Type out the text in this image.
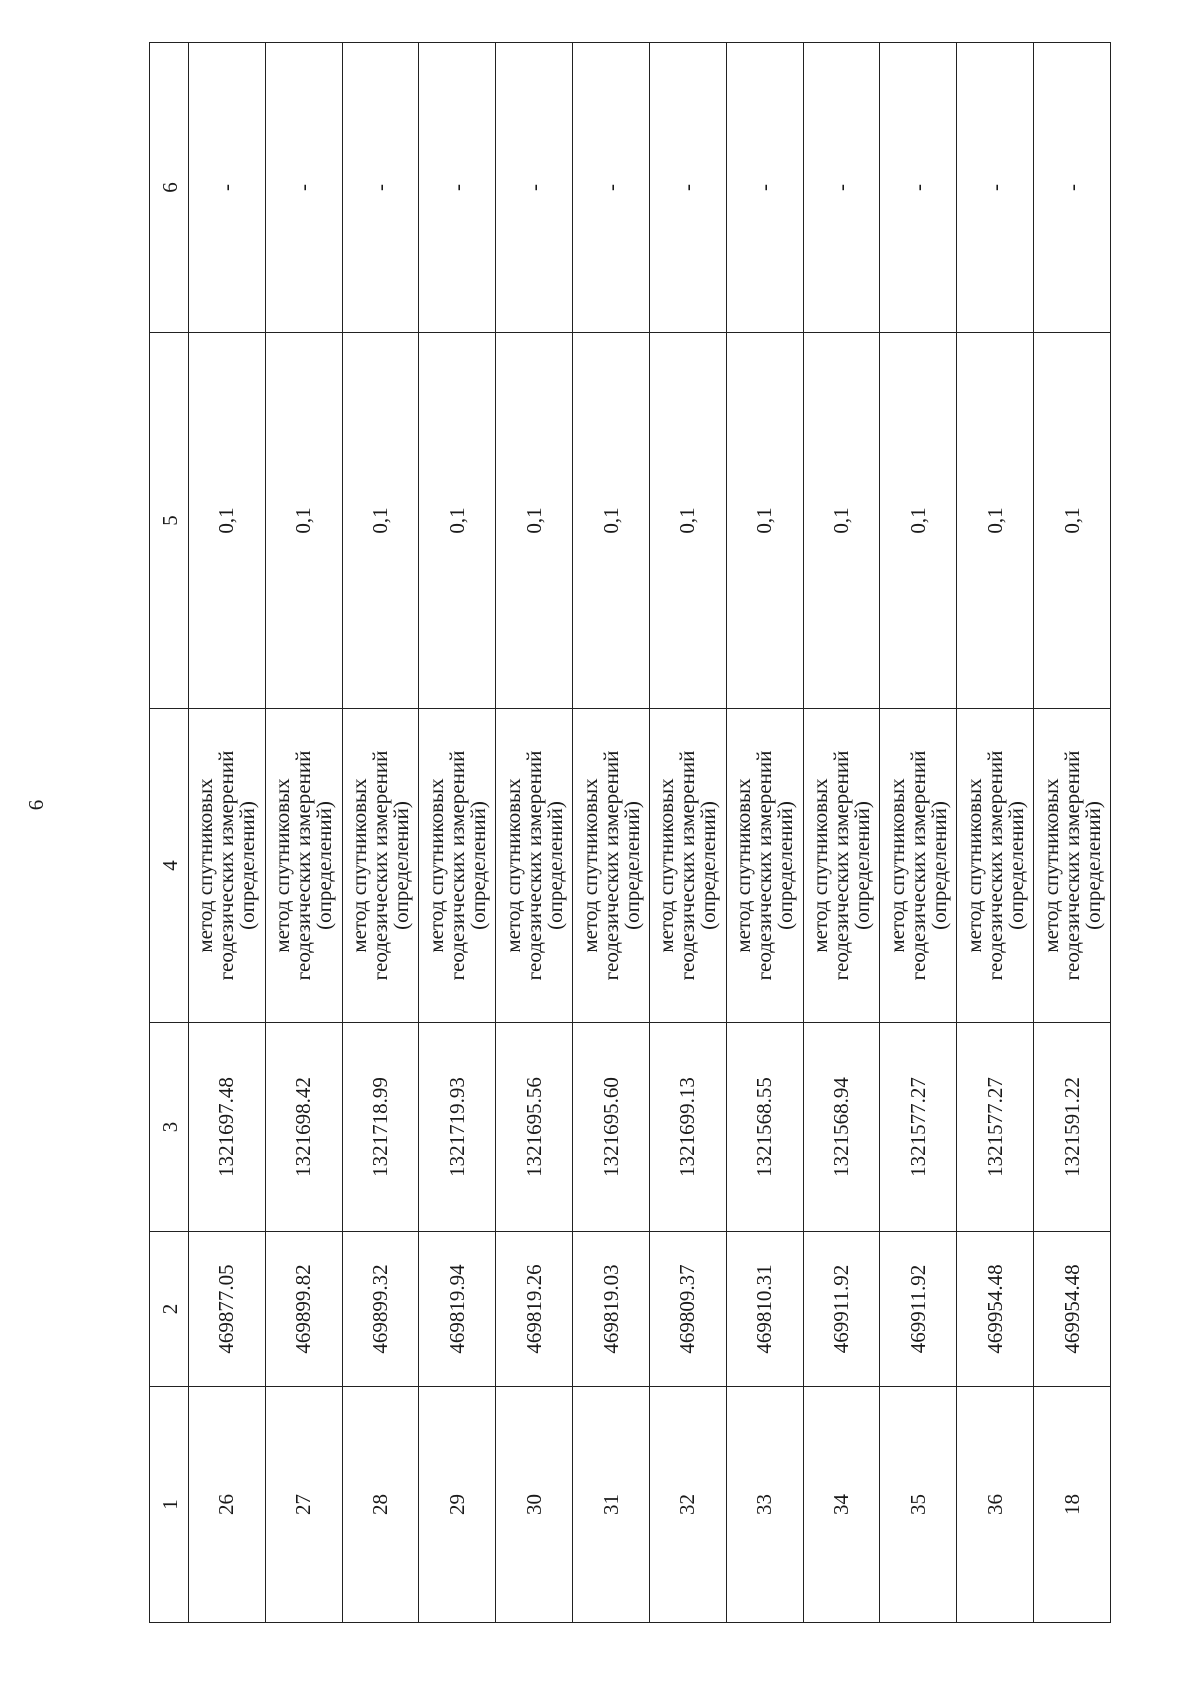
6
1	2	3	4	5	6
26	469877.05	1321697.48	метод спутниковых
геодезических измерений
(определений)	0,1	-
27	469899.82	1321698.42	метод спутниковых
геодезических измерений
(определений)	0,1	-
28	469899.32	1321718.99	метод спутниковых
геодезических измерений
(определений)	0,1	-
29	469819.94	1321719.93	метод спутниковых
геодезических измерений
(определений)	0,1	-
30	469819.26	1321695.56	метод спутниковых
геодезических измерений
(определений)	0,1	-
31	469819.03	1321695.60	метод спутниковых
геодезических измерений
(определений)	0,1	-
32	469809.37	1321699.13	метод спутниковых
геодезических измерений
(определений)	0,1	-
33	469810.31	1321568.55	метод спутниковых
геодезических измерений
(определений)	0,1	-
34	469911.92	1321568.94	метод спутниковых
геодезических измерений
(определений)	0,1	-
35	469911.92	1321577.27	метод спутниковых
геодезических измерений
(определений)	0,1	-
36	469954.48	1321577.27	метод спутниковых
геодезических измерений
(определений)	0,1	-
18	469954.48	1321591.22	метод спутниковых
геодезических измерений
(определений)	0,1	-
